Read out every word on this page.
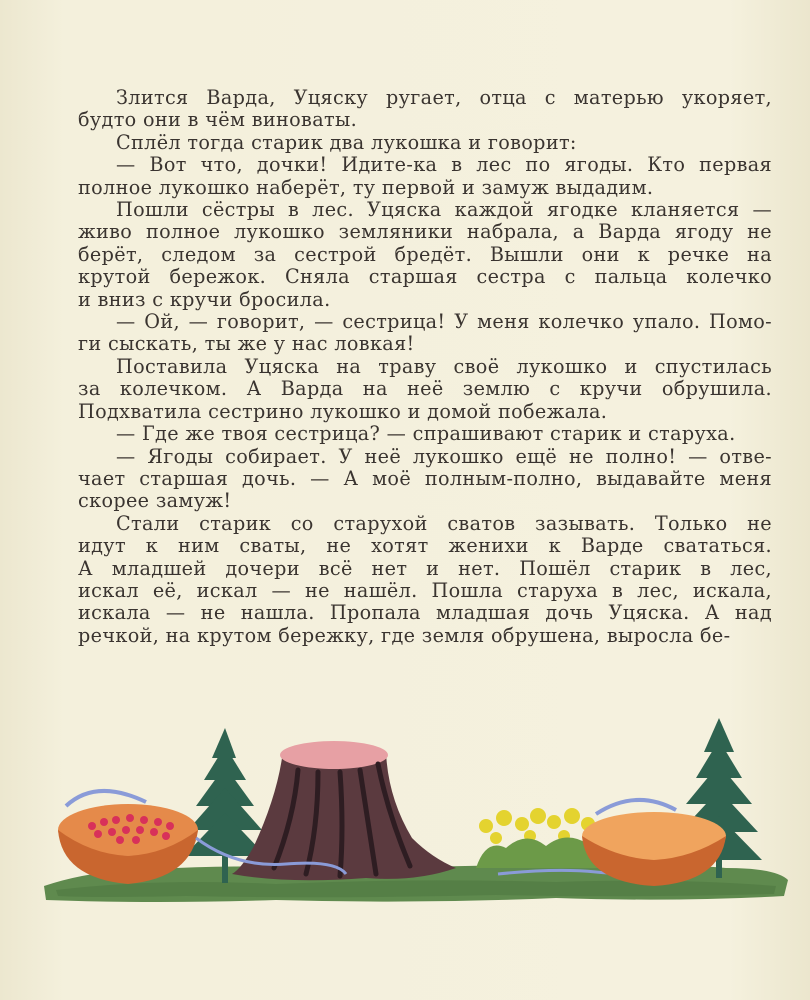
Злится Варда, Уцяску ругает, отца с матерью укоряет,
будто они в чём виноваты.
Сплёл тогда старик два лукошка и говорит:
— Вот что, дочки! Идите-ка в лес по ягоды. Кто первая
полное лукошко наберёт, ту первой и замуж выдадим.
Пошли сёстры в лес. Уцяска каждой ягодке кланяется —
живо полное лукошко земляники набрала, а Варда ягоду не
берёт, следом за сестрой бредёт. Вышли они к речке на
крутой бережок. Сняла старшая сестра с пальца колечко
и вниз с кручи бросила.
— Ой, — говорит, — сестрица! У меня колечко упало. Помо-
ги сыскать, ты же у нас ловкая!
Поставила Уцяска на траву своё лукошко и спустилась
за колечком. А Варда на неё землю с кручи обрушила.
Подхватила сестрино лукошко и домой побежала.
— Где же твоя сестрица? — спрашивают старик и старуха.
— Ягоды собирает. У неё лукошко ещё не полно! — отве-
чает старшая дочь. — А моё полным-полно, выдавайте меня
скорее замуж!
Стали старик со старухой сватов зазывать. Только не
идут к ним сваты, не хотят женихи к Варде свататься.
А младшей дочери всё нет и нет. Пошёл старик в лес,
искал её, искал — не нашёл. Пошла старуха в лес, искала,
искала — не нашла. Пропала младшая дочь Уцяска. А над
речкой, на крутом бережку, где земля обрушена, выросла бе-
